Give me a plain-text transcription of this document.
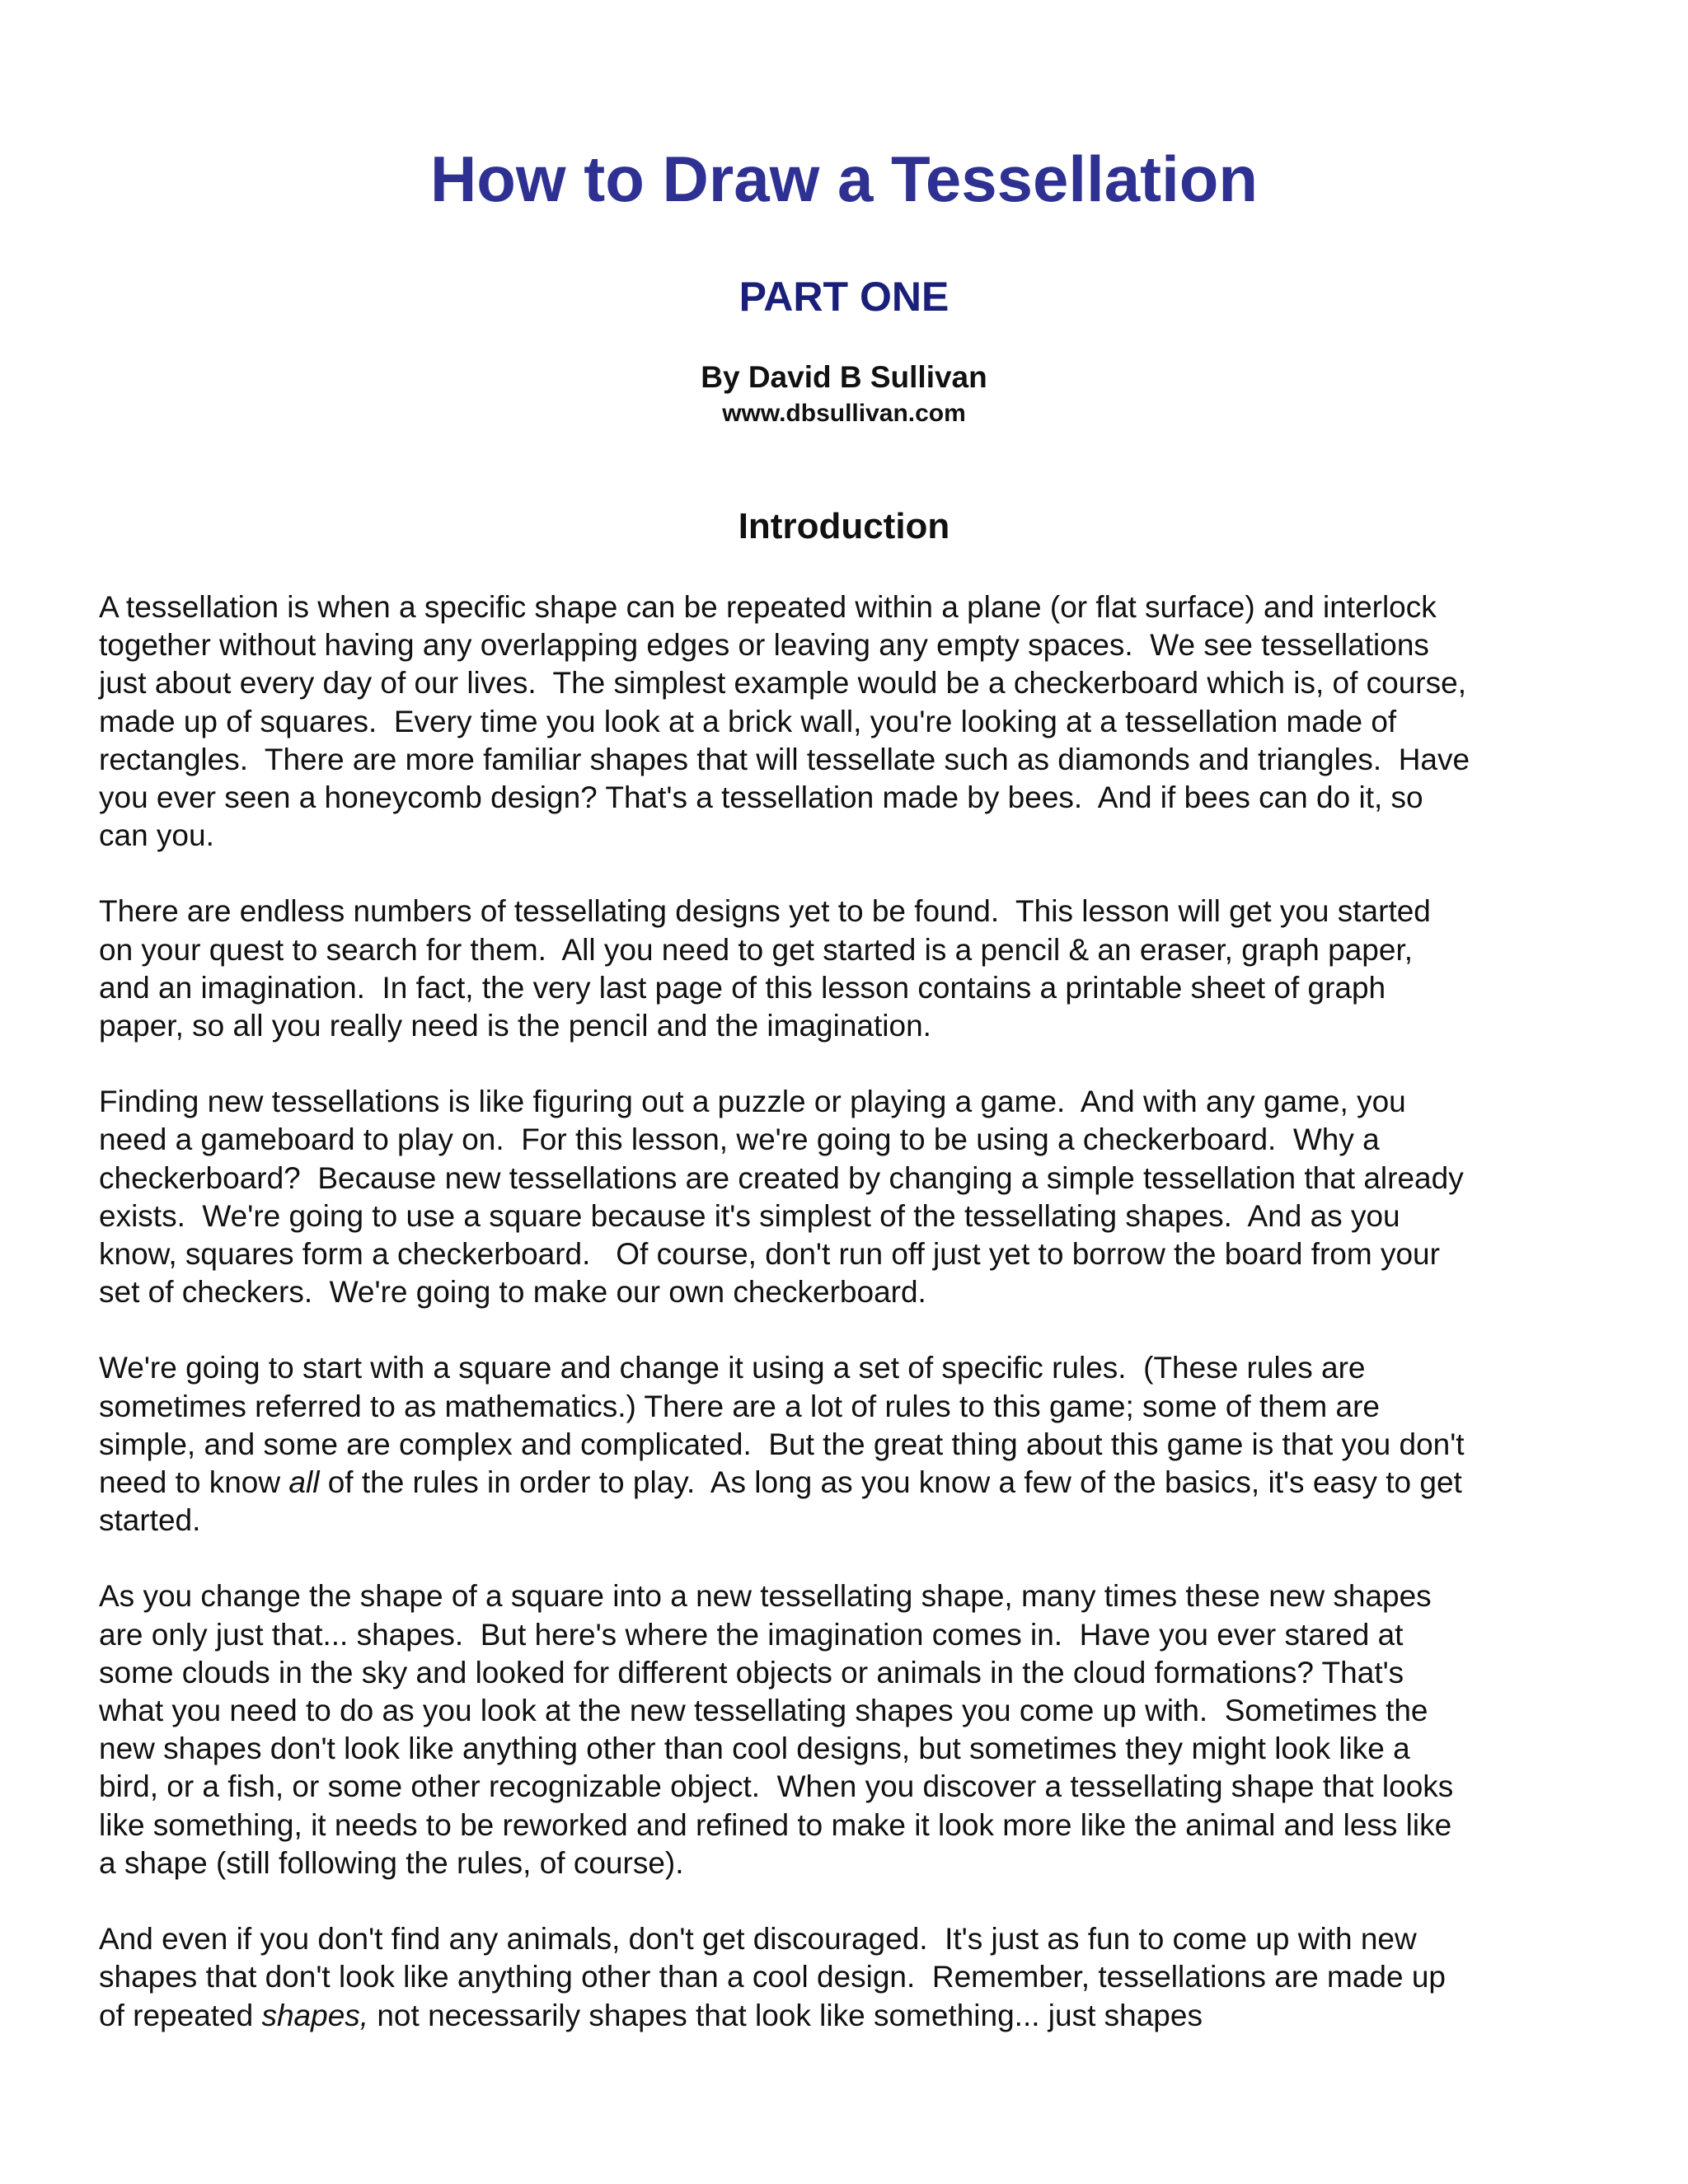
How to Draw a Tessellation
PART ONE
By David B Sullivan
www.dbsullivan.com
Introduction

A tessellation is when a specific shape can be repeated within a plane (or flat surface) and interlock
together without having any overlapping edges or leaving any empty spaces.  We see tessellations
just about every day of our lives.  The simplest example would be a checkerboard which is, of course,
made up of squares.  Every time you look at a brick wall, you're looking at a tessellation made of
rectangles.  There are more familiar shapes that will tessellate such as diamonds and triangles.  Have
you ever seen a honeycomb design? That's a tessellation made by bees.  And if bees can do it, so
can you.

There are endless numbers of tessellating designs yet to be found.  This lesson will get you started
on your quest to search for them.  All you need to get started is a pencil & an eraser, graph paper,
and an imagination.  In fact, the very last page of this lesson contains a printable sheet of graph
paper, so all you really need is the pencil and the imagination.

Finding new tessellations is like figuring out a puzzle or playing a game.  And with any game, you
need a gameboard to play on.  For this lesson, we're going to be using a checkerboard.  Why a
checkerboard?  Because new tessellations are created by changing a simple tessellation that already
exists.  We're going to use a square because it's simplest of the tessellating shapes.  And as you
know, squares form a checkerboard.   Of course, don't run off just yet to borrow the board from your
set of checkers.  We're going to make our own checkerboard.

We're going to start with a square and change it using a set of specific rules.  (These rules are
sometimes referred to as mathematics.) There are a lot of rules to this game; some of them are
simple, and some are complex and complicated.  But the great thing about this game is that you don't
need to know all of the rules in order to play.  As long as you know a few of the basics, it's easy to get
started.

As you change the shape of a square into a new tessellating shape, many times these new shapes
are only just that... shapes.  But here's where the imagination comes in.  Have you ever stared at
some clouds in the sky and looked for different objects or animals in the cloud formations? That's
what you need to do as you look at the new tessellating shapes you come up with.  Sometimes the
new shapes don't look like anything other than cool designs, but sometimes they might look like a
bird, or a fish, or some other recognizable object.  When you discover a tessellating shape that looks
like something, it needs to be reworked and refined to make it look more like the animal and less like
a shape (still following the rules, of course).

And even if you don't find any animals, don't get discouraged.  It's just as fun to come up with new
shapes that don't look like anything other than a cool design.  Remember, tessellations are made up
of repeated shapes, not necessarily shapes that look like something... just shapes
